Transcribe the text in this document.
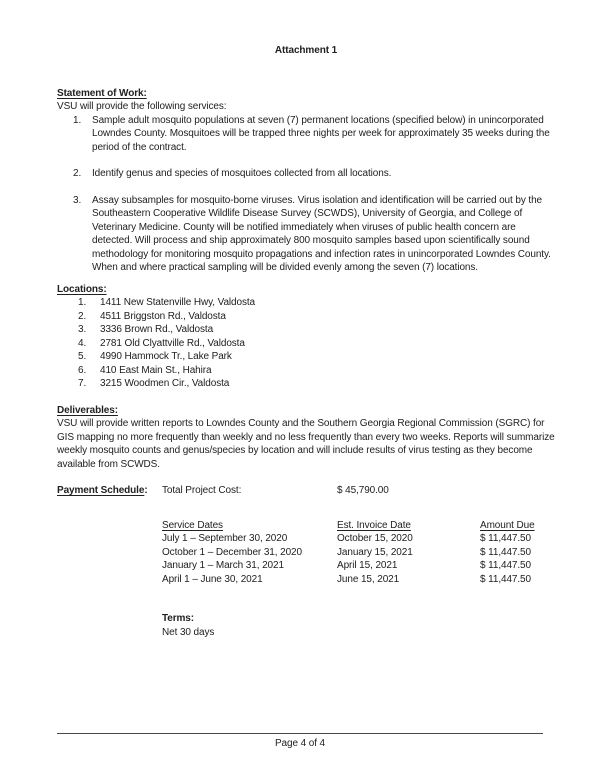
Attachment 1
Statement of Work:
VSU will provide the following services:
1.	Sample adult mosquito populations at seven (7) permanent locations (specified below) in unincorporated Lowndes County. Mosquitoes will be trapped three nights per week for approximately 35 weeks during the period of the contract.
2.	Identify genus and species of mosquitoes collected from all locations.
3.	Assay subsamples for mosquito-borne viruses. Virus isolation and identification will be carried out by the Southeastern Cooperative Wildlife Disease Survey (SCWDS), University of Georgia, and College of Veterinary Medicine. County will be notified immediately when viruses of public health concern are detected. Will process and ship approximately 800 mosquito samples based upon scientifically sound methodology for monitoring mosquito propagations and infection rates in unincorporated Lowndes County. When and where practical sampling will be divided evenly among the seven (7) locations.
Locations:
1.	1411 New Statenville Hwy, Valdosta
2.	4511 Briggston Rd., Valdosta
3.	3336 Brown Rd., Valdosta
4.	2781 Old Clyattville Rd., Valdosta
5.	4990 Hammock Tr., Lake Park
6.	410 East Main St., Hahira
7.	3215 Woodmen Cir., Valdosta
Deliverables:
VSU will provide written reports to Lowndes County and the Southern Georgia Regional Commission (SGRC) for GIS mapping no more frequently than weekly and no less frequently than every two weeks. Reports will summarize weekly mosquito counts and genus/species by location and will include results of virus testing as they become available from SCWDS.
Payment Schedule:	Total Project Cost:	$ 45,790.00
Service Dates	Est. Invoice Date	Amount Due
July 1 – September 30, 2020	October 15, 2020	$ 11,447.50
October 1 – December 31, 2020	January 15, 2021	$ 11,447.50
January 1 – March 31, 2021	April 15, 2021	$ 11,447.50
April 1 – June 30, 2021	June 15, 2021	$ 11,447.50
Terms:
Net 30 days
Page 4 of 4
